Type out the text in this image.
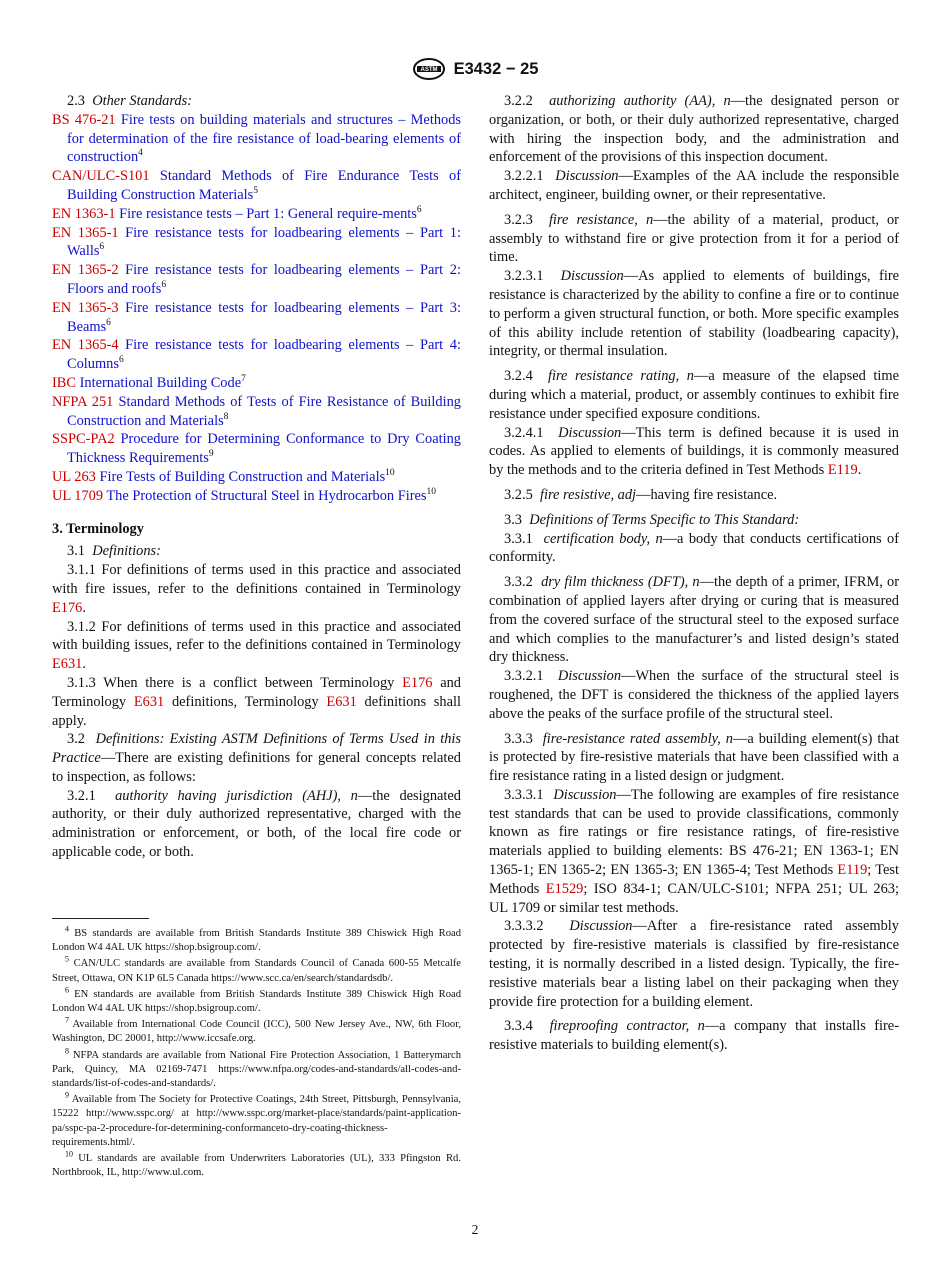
ASTM E3432 − 25
2.3 Other Standards:
BS 476-21 Fire tests on building materials and structures – Methods for determination of the fire resistance of load-bearing elements of construction$^4$
CAN/ULC-S101 Standard Methods of Fire Endurance Tests of Building Construction Materials$^5$
EN 1363-1 Fire resistance tests – Part 1: General require-ments$^6$
EN 1365-1 Fire resistance tests for loadbearing elements – Part 1: Walls$^6$
EN 1365-2 Fire resistance tests for loadbearing elements – Part 2: Floors and roofs$^6$
EN 1365-3 Fire resistance tests for loadbearing elements – Part 3: Beams$^6$
EN 1365-4 Fire resistance tests for loadbearing elements – Part 4: Columns$^6$
IBC International Building Code$^7$
NFPA 251 Standard Methods of Tests of Fire Resistance of Building Construction and Materials$^8$
SSPC-PA2 Procedure for Determining Conformance to Dry Coating Thickness Requirements$^9$
UL 263 Fire Tests of Building Construction and Materials$^{10}$
UL 1709 The Protection of Structural Steel in Hydrocarbon Fires$^{10}$
3. Terminology

3.1 Definitions:

3.1.1 For definitions of terms used in this practice and associated with fire issues, refer to the definitions contained in Terminology E176.

3.1.2 For definitions of terms used in this practice and associated with building issues, refer to the definitions contained in Terminology E631.

3.1.3 When there is a conflict between Terminology E176 and Terminology E631 definitions, Terminology E631 definitions shall apply.

3.2 Definitions: Existing ASTM Definitions of Terms Used in this Practice—There are existing definitions for general concepts related to inspection, as follows:

3.2.1 authority having jurisdiction (AHJ), n—the designated authority, or their duly authorized representative, charged with the administration or enforcement, or both, of the local fire code or applicable code, or both.

$^4$ BS standards are available from British Standards Institute 389 Chiswick High Road London W4 4AL UK https://shop.bsigroup.com/.
$^5$ CAN/ULC standards are available from Standards Council of Canada 600-55 Metcalfe Street, Ottawa, ON K1P 6L5 Canada https://www.scc.ca/en/search/standardsdb/.
$^6$ EN standards are available from British Standards Institute 389 Chiswick High Road London W4 4AL UK https://shop.bsigroup.com/.
$^7$ Available from International Code Council (ICC), 500 New Jersey Ave., NW, 6th Floor, Washington, DC 20001, http://www.iccsafe.org.
$^8$ NFPA standards are available from National Fire Protection Association, 1 Batterymarch Park, Quincy, MA 02169-7471 https://www.nfpa.org/codes-and-standards/all-codes-and-standards/list-of-codes-and-standards/.
$^9$ Available from The Society for Protective Coatings, 24th Street, Pittsburgh, Pennsylvania, 15222 http://www.sspc.org/ at http://www.sspc.org/market-place/standards/paint-application-pa/sspc-pa-2-procedure-for-determining-conformanceto-dry-coating-thickness-requirements.html/.
$^{10}$ UL standards are available from Underwriters Laboratories (UL), 333 Pfingston Rd. Northbrook, IL, http://www.ul.com.

3.2.2 authorizing authority (AA), n—the designated person or organization, or both, or their duly authorized representative, charged with hiring the inspection body, and the administration and enforcement of the provisions of this inspection document.

3.2.2.1 Discussion—Examples of the AA include the responsible architect, engineer, building owner, or their representative.

3.2.3 fire resistance, n—the ability of a material, product, or assembly to withstand fire or give protection from it for a period of time.

3.2.3.1 Discussion—As applied to elements of buildings, fire resistance is characterized by the ability to confine a fire or to continue to perform a given structural function, or both. More specific examples of this ability include retention of stability (loadbearing capacity), integrity, or thermal insulation.

3.2.4 fire resistance rating, n—a measure of the elapsed time during which a material, product, or assembly continues to exhibit fire resistance under specified exposure conditions.

3.2.4.1 Discussion—This term is defined because it is used in codes. As applied to elements of buildings, it is commonly measured by the methods and to the criteria defined in Test Methods E119.

3.2.5 fire resistive, adj—having fire resistance.

3.3 Definitions of Terms Specific to This Standard:

3.3.1 certification body, n—a body that conducts certifications of conformity.

3.3.2 dry film thickness (DFT), n—the depth of a primer, IFRM, or combination of applied layers after drying or curing that is measured from the covered surface of the structural steel to the exposed surface and which complies to the manufacturer’s and listed design’s stated dry thickness.

3.3.2.1 Discussion—When the surface of the structural steel is roughened, the DFT is considered the thickness of the applied layers above the peaks of the surface profile of the structural steel.

3.3.3 fire-resistance rated assembly, n—a building element(s) that is protected by fire-resistive materials that have been classified with a fire resistance rating in a listed design or judgment.

3.3.3.1 Discussion—The following are examples of fire resistance test standards that can be used to provide classifications, commonly known as fire ratings or fire resistance ratings, of fire-resistive materials applied to building elements: BS 476-21; EN 1363-1; EN 1365-1; EN 1365-2; EN 1365-3; EN 1365-4; Test Methods E119; Test Methods E1529; ISO 834-1; CAN/ULC-S101; NFPA 251; UL 263; UL 1709 or similar test methods.

3.3.3.2 Discussion—After a fire-resistance rated assembly protected by fire-resistive materials is classified by fire-resistance testing, it is normally described in a listed design. Typically, the fire-resistive materials bear a listing label on their packaging when they provide fire protection for a building element.

3.3.4 fireproofing contractor, n—a company that installs fire-resistive materials to building element(s).

2
